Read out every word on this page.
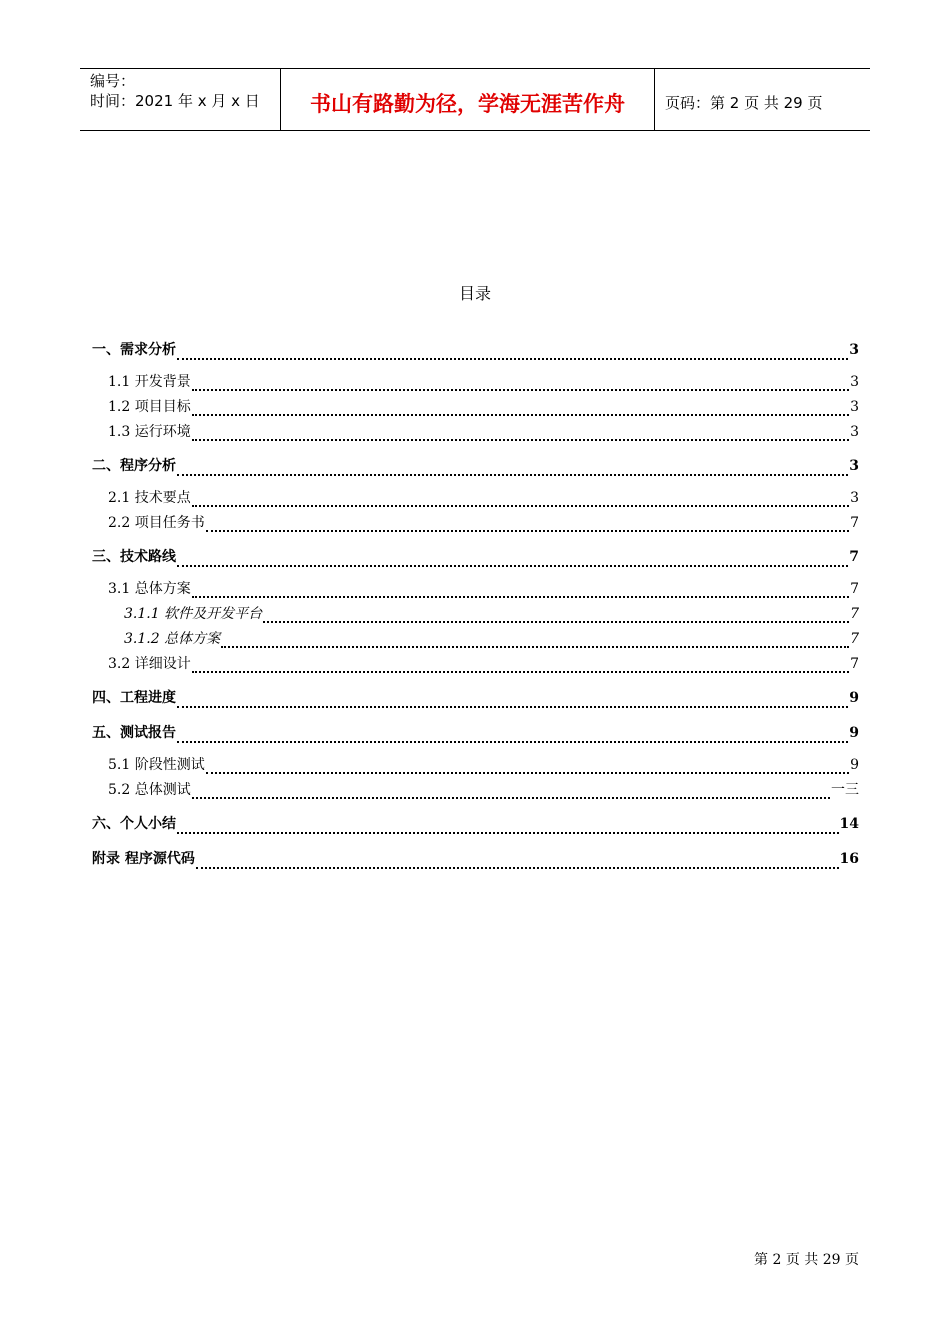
编号：
时间：2021 年 x 月 x 日	书山有路勤为径，学海无涯苦作舟	页码：第 2 页 共 29 页
目录
一、需求分析	3
1.1 开发背景	3
1.2 项目目标	3
1.3 运行环境	3
二、程序分析	3
2.1 技术要点	3
2.2 项目任务书	7
三、技术路线	7
3.1 总体方案	7
3.1.1 软件及开发平台	7
3.1.2 总体方案	7
3.2 详细设计	7
四、工程进度	9
五、测试报告	9
5.1 阶段性测试	9
5.2 总体测试	一三
六、个人小结	14
附录 程序源代码	16
第 2 页 共 29 页
